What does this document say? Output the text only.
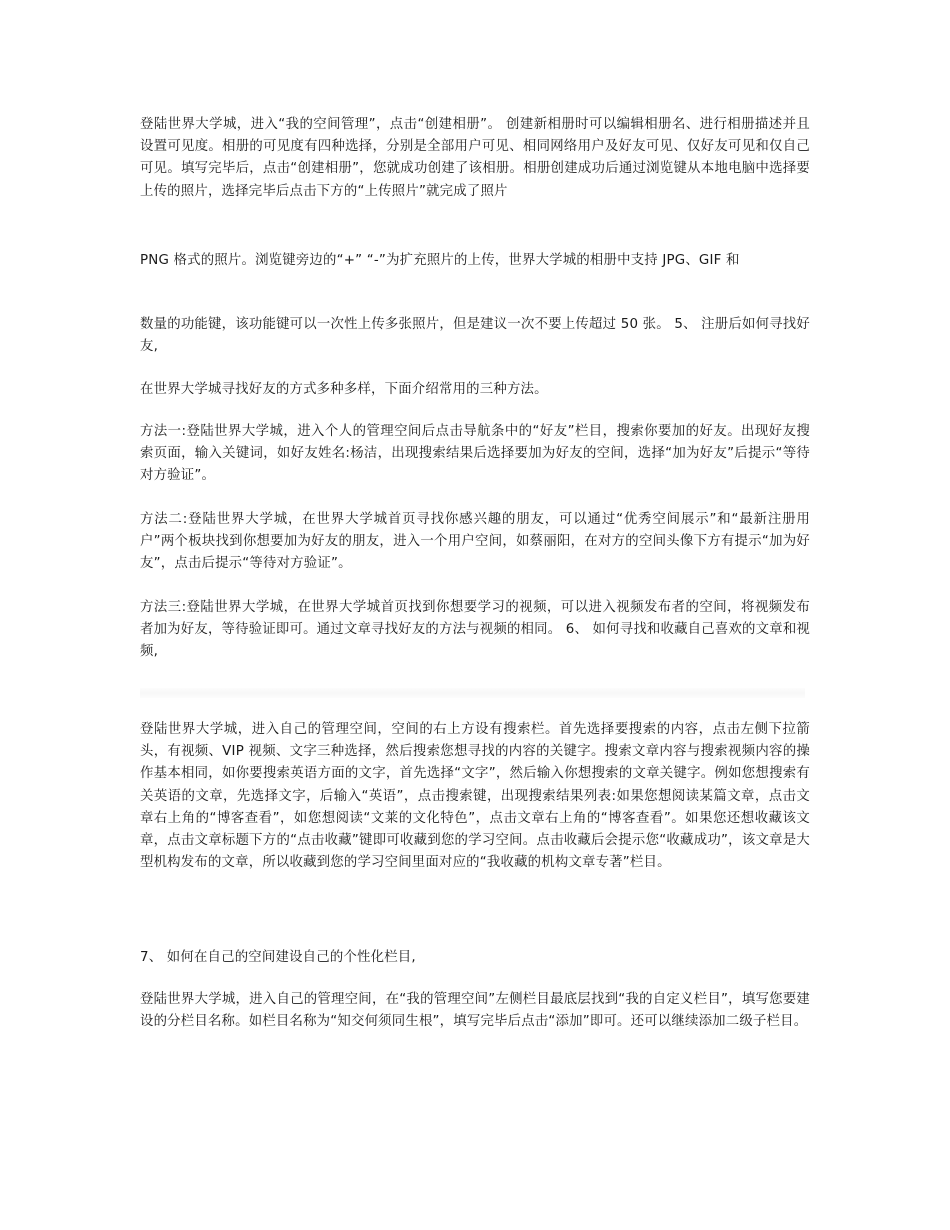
登陆世界大学城，进入“我的空间管理”，点击“创建相册”。 创建新相册时可以编辑相册名、进行相册描述并且设置可见度。相册的可见度有四种选择，分别是全部用户可见、相同网络用户及好友可见、仅好友可见和仅自己可见。填写完毕后，点击“创建相册”，您就成功创建了该相册。相册创建成功后通过浏览键从本地电脑中选择要上传的照片，选择完毕后点击下方的“上传照片”就完成了照片

PNG 格式的照片。浏览键旁边的“+” “-”为扩充照片的上传，世界大学城的相册中支持 JPG、GIF 和

数量的功能键，该功能键可以一次性上传多张照片，但是建议一次不要上传超过 50 张。 5、 注册后如何寻找好友,

在世界大学城寻找好友的方式多种多样，下面介绍常用的三种方法。

方法一:登陆世界大学城，进入个人的管理空间后点击导航条中的“好友”栏目，搜索你要加的好友。出现好友搜索页面，输入关键词，如好友姓名:杨洁，出现搜索结果后选择要加为好友的空间，选择“加为好友”后提示“等待对方验证”。

方法二:登陆世界大学城，在世界大学城首页寻找你感兴趣的朋友，可以通过“优秀空间展示”和“最新注册用户”两个板块找到你想要加为好友的朋友，进入一个用户空间，如蔡丽阳，在对方的空间头像下方有提示“加为好友”，点击后提示“等待对方验证”。

方法三:登陆世界大学城，在世界大学城首页找到你想要学习的视频，可以进入视频发布者的空间，将视频发布者加为好友，等待验证即可。通过文章寻找好友的方法与视频的相同。 6、 如何寻找和收藏自己喜欢的文章和视频,

登陆世界大学城，进入自己的管理空间，空间的右上方设有搜索栏。首先选择要搜索的内容，点击左侧下拉箭头，有视频、VIP 视频、文字三种选择，然后搜索您想寻找的内容的关键字。搜索文章内容与搜索视频内容的操作基本相同，如你要搜索英语方面的文字，首先选择“文字”，然后输入你想搜索的文章关键字。例如您想搜索有关英语的文章，先选择文字，后输入“英语”，点击搜索键，出现搜索结果列表:如果您想阅读某篇文章，点击文章右上角的“博客查看”，如您想阅读“文莱的文化特色”，点击文章右上角的“博客查看”。如果您还想收藏该文章，点击文章标题下方的“点击收藏”键即可收藏到您的学习空间。点击收藏后会提示您“收藏成功”，该文章是大型机构发布的文章，所以收藏到您的学习空间里面对应的“我收藏的机构文章专著”栏目。

7、 如何在自己的空间建设自己的个性化栏目,

登陆世界大学城，进入自己的管理空间，在“我的管理空间”左侧栏目最底层找到“我的自定义栏目”，填写您要建设的分栏目名称。如栏目名称为“知交何须同生根”，填写完毕后点击“添加”即可。还可以继续添加二级子栏目。
